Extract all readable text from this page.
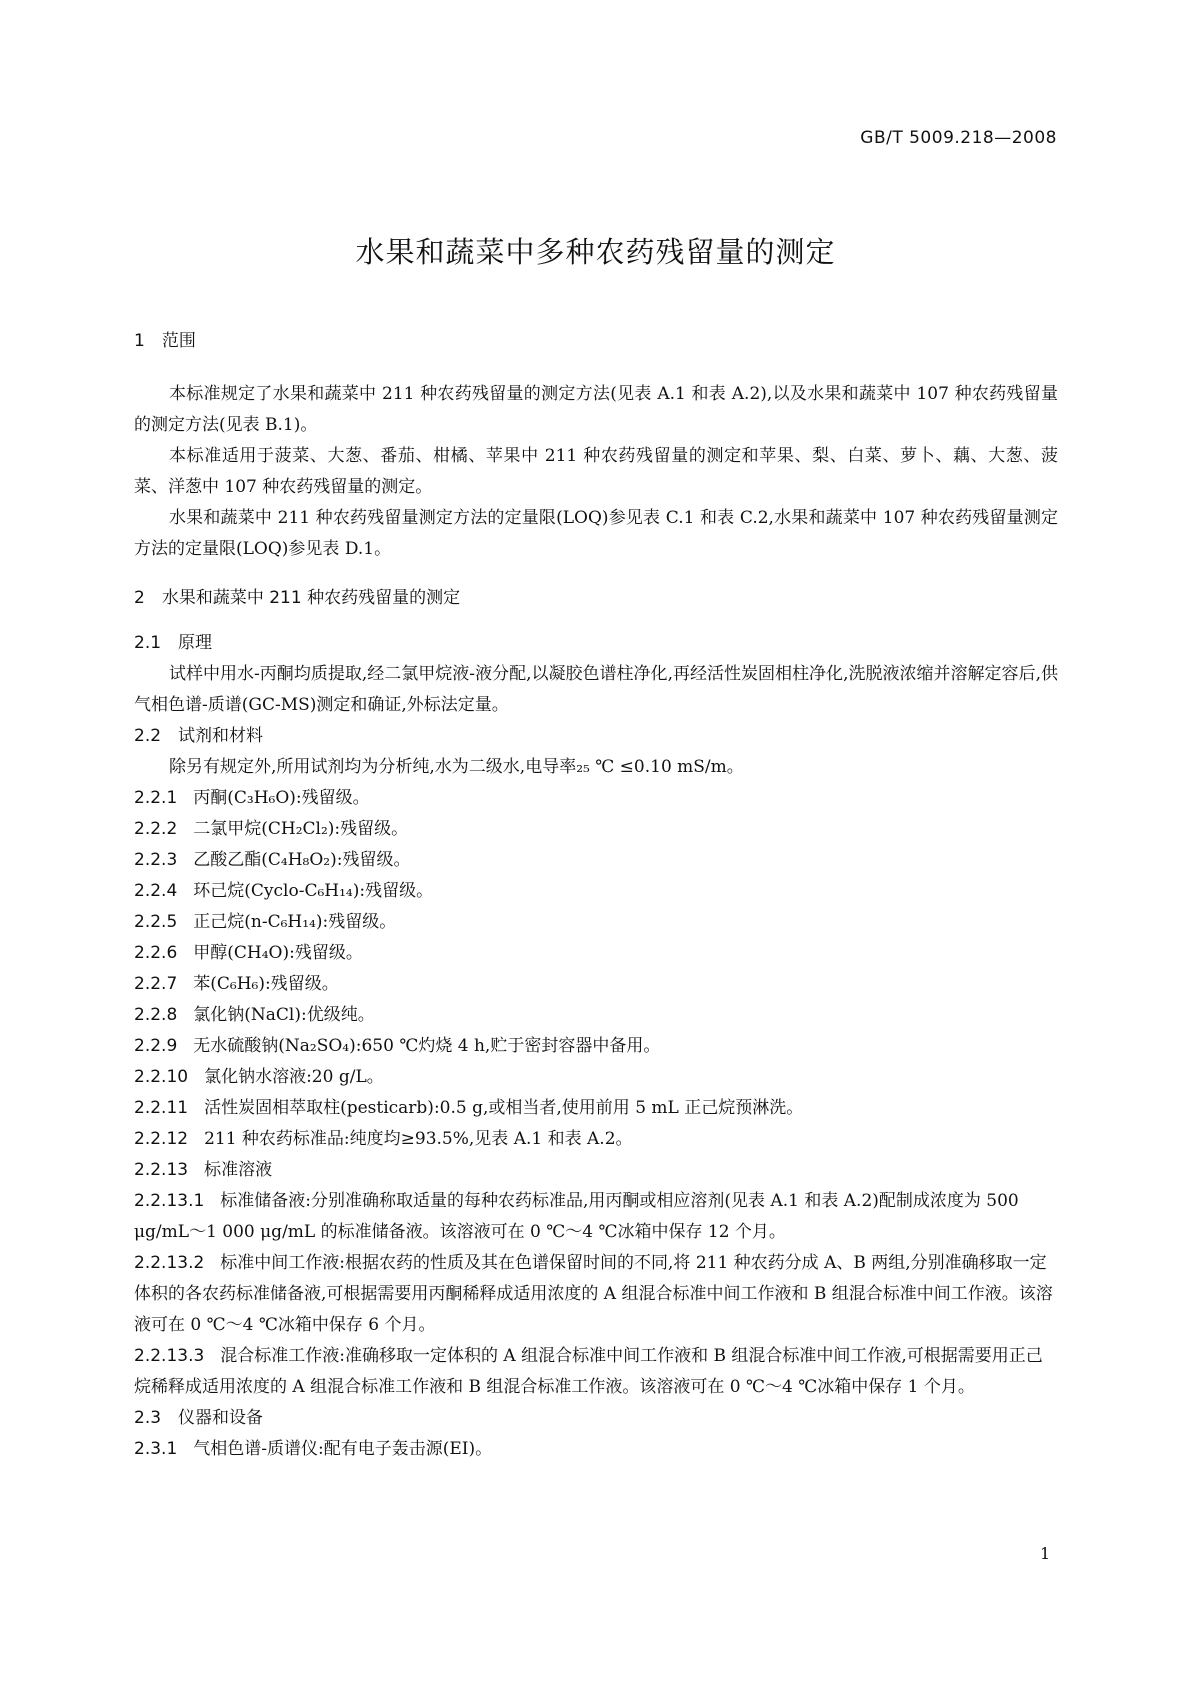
GB/T 5009.218—2008
水果和蔬菜中多种农药残留量的测定
1　范围

本标准规定了水果和蔬菜中 211 种农药残留量的测定方法(见表 A.1 和表 A.2),以及水果和蔬菜中 107 种农药残留量的测定方法(见表 B.1)。

本标准适用于菠菜、大葱、番茄、柑橘、苹果中 211 种农药残留量的测定和苹果、梨、白菜、萝卜、藕、大葱、菠菜、洋葱中 107 种农药残留量的测定。

水果和蔬菜中 211 种农药残留量测定方法的定量限(LOQ)参见表 C.1 和表 C.2,水果和蔬菜中 107 种农药残留量测定方法的定量限(LOQ)参见表 D.1。

2　水果和蔬菜中 211 种农药残留量的测定
2.1　原理

试样中用水-丙酮均质提取,经二氯甲烷液-液分配,以凝胶色谱柱净化,再经活性炭固相柱净化,洗脱液浓缩并溶解定容后,供气相色谱-质谱(GC-MS)测定和确证,外标法定量。

2.2　试剂和材料

除另有规定外,所用试剂均为分析纯,水为二级水,电导率₂₅ ℃ ≤0.10 mS/m。

2.2.1 丙酮(C₃H₆O):残留级。

2.2.2 二氯甲烷(CH₂Cl₂):残留级。

2.2.3 乙酸乙酯(C₄H₈O₂):残留级。

2.2.4 环己烷(Cyclo-C₆H₁₄):残留级。

2.2.5 正己烷(n-C₆H₁₄):残留级。

2.2.6 甲醇(CH₄O):残留级。

2.2.7 苯(C₆H₆):残留级。

2.2.8 氯化钠(NaCl):优级纯。

2.2.9 无水硫酸钠(Na₂SO₄):650 ℃灼烧 4 h,贮于密封容器中备用。

2.2.10 氯化钠水溶液:20 g/L。

2.2.11 活性炭固相萃取柱(pesticarb):0.5 g,或相当者,使用前用 5 mL 正己烷预淋洗。

2.2.12 211 种农药标准品:纯度均≥93.5%,见表 A.1 和表 A.2。

2.2.13 标准溶液

2.2.13.1 标准储备液:分别准确称取适量的每种农药标准品,用丙酮或相应溶剂(见表 A.1 和表 A.2)配制成浓度为 500 μg/mL～1 000 μg/mL 的标准储备液。该溶液可在 0 ℃～4 ℃冰箱中保存 12 个月。

2.2.13.2 标准中间工作液:根据农药的性质及其在色谱保留时间的不同,将 211 种农药分成 A、B 两组,分别准确移取一定体积的各农药标准储备液,可根据需要用丙酮稀释成适用浓度的 A 组混合标准中间工作液和 B 组混合标准中间工作液。该溶液可在 0 ℃～4 ℃冰箱中保存 6 个月。

2.2.13.3 混合标准工作液:准确移取一定体积的 A 组混合标准中间工作液和 B 组混合标准中间工作液,可根据需要用正己烷稀释成适用浓度的 A 组混合标准工作液和 B 组混合标准工作液。该溶液可在 0 ℃～4 ℃冰箱中保存 1 个月。

2.3　仪器和设备

2.3.1 气相色谱-质谱仪:配有电子轰击源(EI)。

1
